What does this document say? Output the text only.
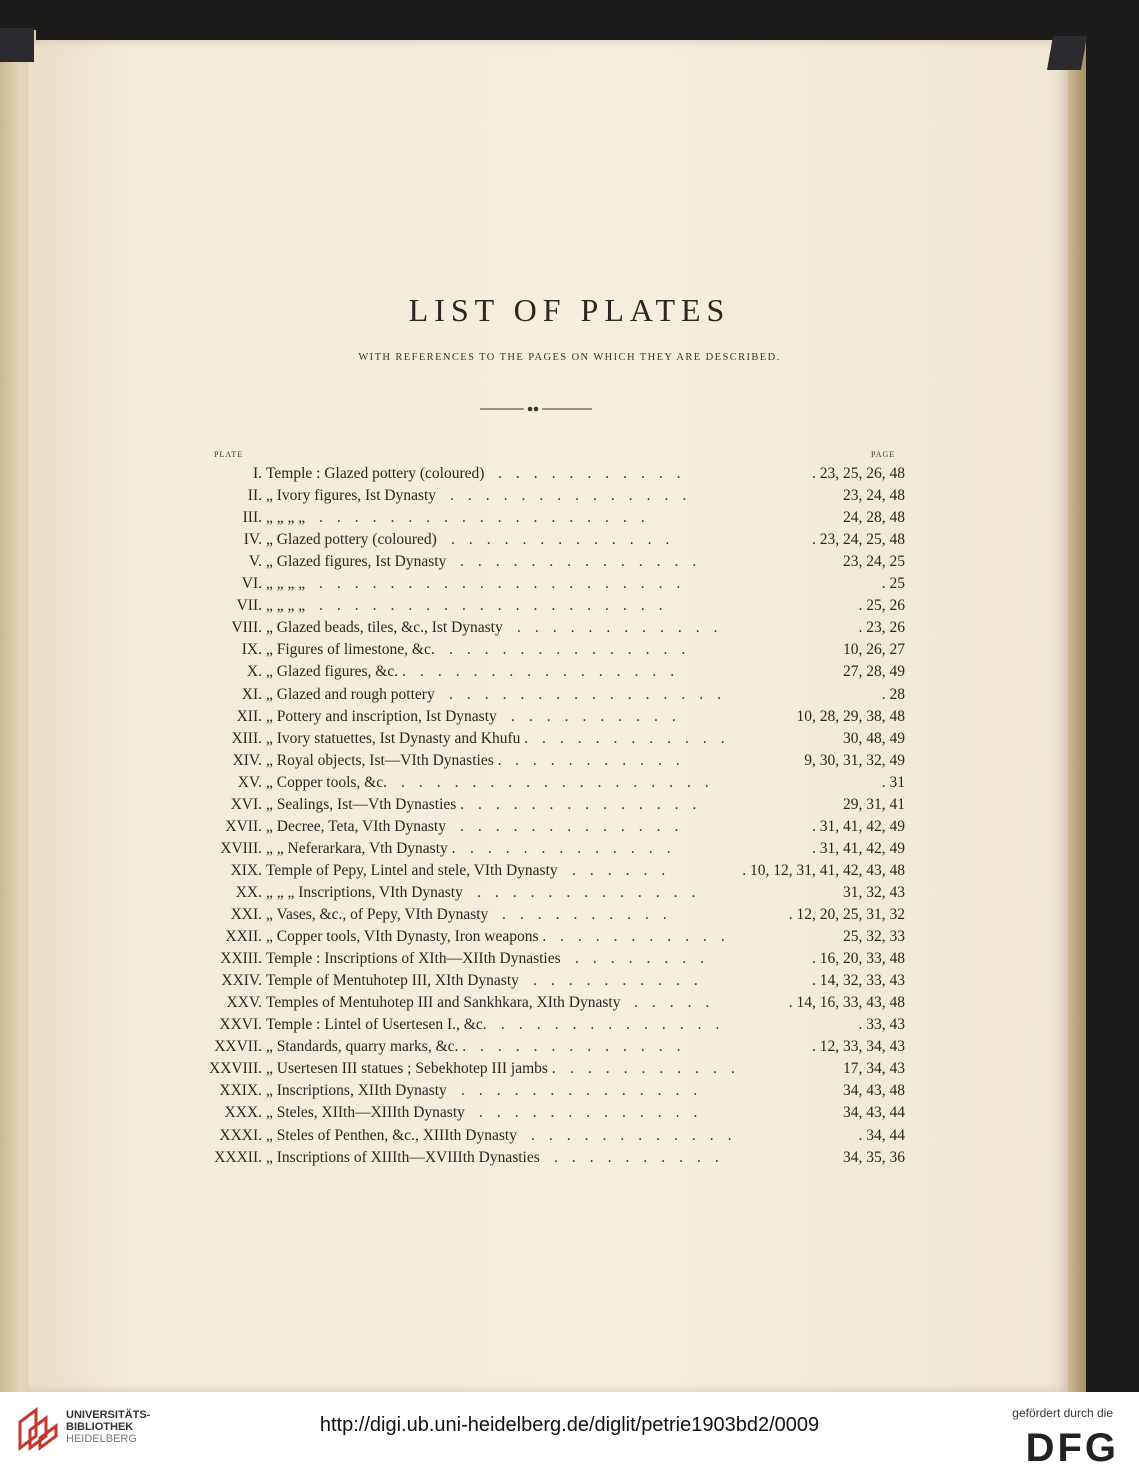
LIST OF PLATES
WITH REFERENCES TO THE PAGES ON WHICH THEY ARE DESCRIBED.
PLATE	PAGE
I. Temple : Glazed pottery (coloured)	. 23, 25, 26, 48
...........
II. „ Ivory figures, Ist Dynasty	23, 24, 48
..............
III. „ „ „ „	24, 28, 48
...................
IV. „ Glazed pottery (coloured)	. 23, 24, 25, 48
.............
V. „ Glazed figures, Ist Dynasty	23, 24, 25
..............
VI. „ „ „ „	. 25
.....................
VII. „ „ „ „	. 25, 26
....................
VIII. „ Glazed beads, tiles, &c., Ist Dynasty	. 23, 26
............
IX. „ Figures of limestone, &c.	10, 26, 27
..............
X. „ Glazed figures, &c. .	27, 28, 49
...............
XI. „ Glazed and rough pottery	. 28
................
XII. „ Pottery and inscription, Ist Dynasty	10, 28, 29, 38, 48
..........
XIII. „ Ivory statuettes, Ist Dynasty and Khufu .	30, 48, 49
...........
XIV. „ Royal objects, Ist—VIth Dynasties .	9, 30, 31, 32, 49
..........
XV. „ Copper tools, &c.	. 31
..................
XVI. „ Sealings, Ist—Vth Dynasties .	29, 31, 41
.............
XVII. „ Decree, Teta, VIth Dynasty	. 31, 41, 42, 49
.............
XVIII. „ „ Neferarkara, Vth Dynasty .	. 31, 41, 42, 49
............
XIX. Temple of Pepy, Lintel and stele, VIth Dynasty	. 10, 12, 31, 41, 42, 43, 48
......
XX. „ „ „ Inscriptions, VIth Dynasty	31, 32, 43
.............
XXI. „ Vases, &c., of Pepy, VIth Dynasty	. 12, 20, 25, 31, 32
..........
XXII. „ Copper tools, VIth Dynasty, Iron weapons .	25, 32, 33
..........
XXIII. Temple : Inscriptions of XIth—XIIth Dynasties	. 16, 20, 33, 48
........
XXIV. Temple of Mentuhotep III, XIth Dynasty	. 14, 32, 33, 43
..........
XXV. Temples of Mentuhotep III and Sankhkara, XIth Dynasty	. 14, 16, 33, 43, 48
.....
XXVI. Temple : Lintel of Usertesen I., &c.	. 33, 43
.............
XXVII. „ Standards, quarry marks, &c. .	. 12, 33, 34, 43
............
XXVIII. „ Usertesen III statues ; Sebekhotep III jambs .	17, 34, 43
..........
XXIX. „ Inscriptions, XIIth Dynasty	34, 43, 48
..............
XXX. „ Steles, XIIth—XIIIth Dynasty	34, 43, 44
.............
XXXI. „ Steles of Penthen, &c., XIIIth Dynasty	. 34, 44
............
XXXII. „ Inscriptions of XIIIth—XVIIIth Dynasties	34, 35, 36
..........
UNIVERSITÄTS-
BIBLIOTHEK
HEIDELBERG
http://digi.ub.uni-heidelberg.de/diglit/petrie1903bd2/0009
gefördert durch die
DFG
